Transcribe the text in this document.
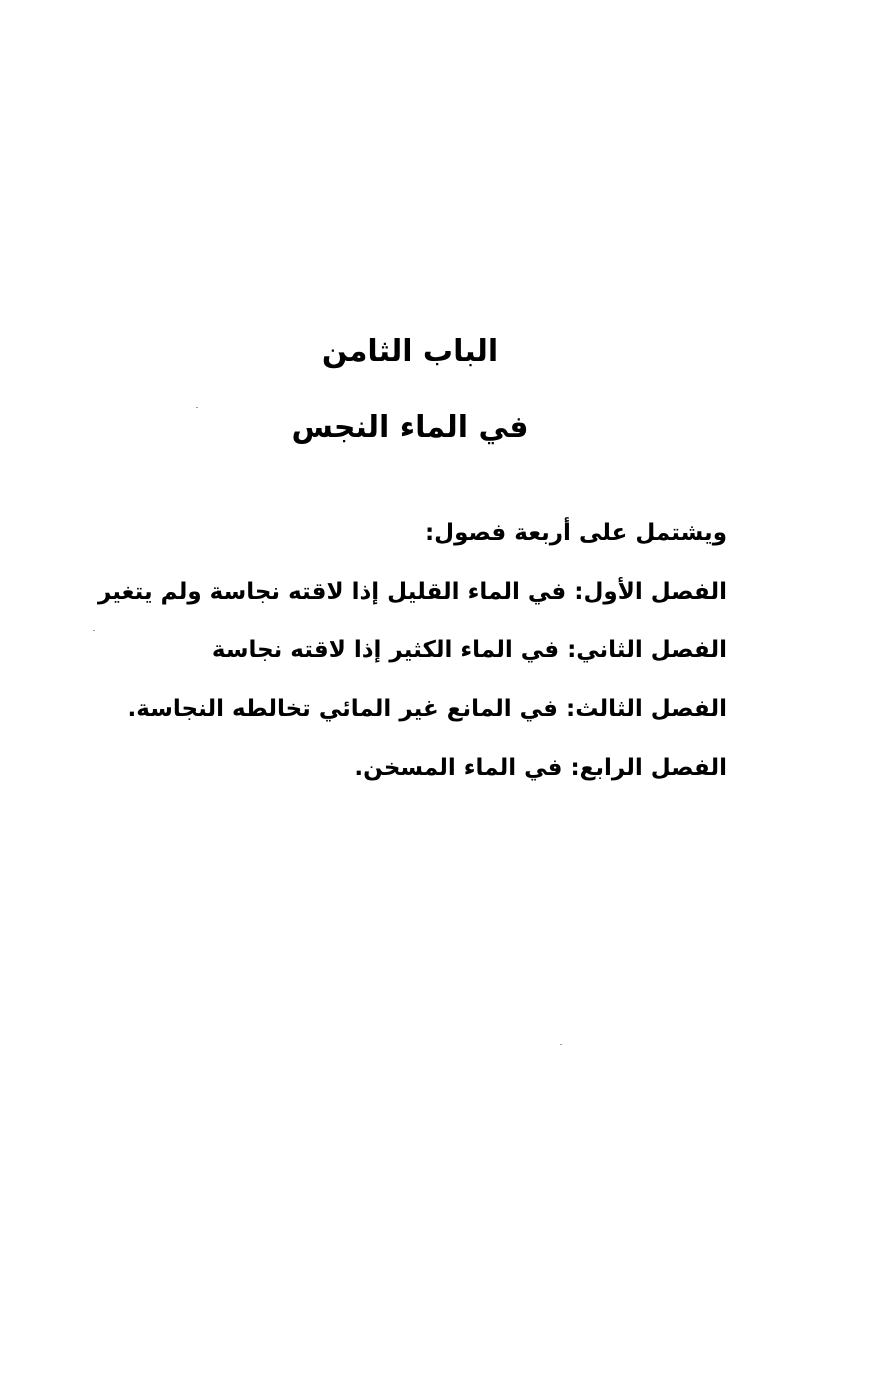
الباب الثامن
في الماء النجس
ويشتمل على أربعة فصول:
الفصل الأول: في الماء القليل إذا لاقته نجاسة ولم يتغير
الفصل الثاني: في الماء الكثير إذا لاقته نجاسة
الفصل الثالث: في المانع غير المائي تخالطه النجاسة.
الفصل الرابع: في الماء المسخن.
